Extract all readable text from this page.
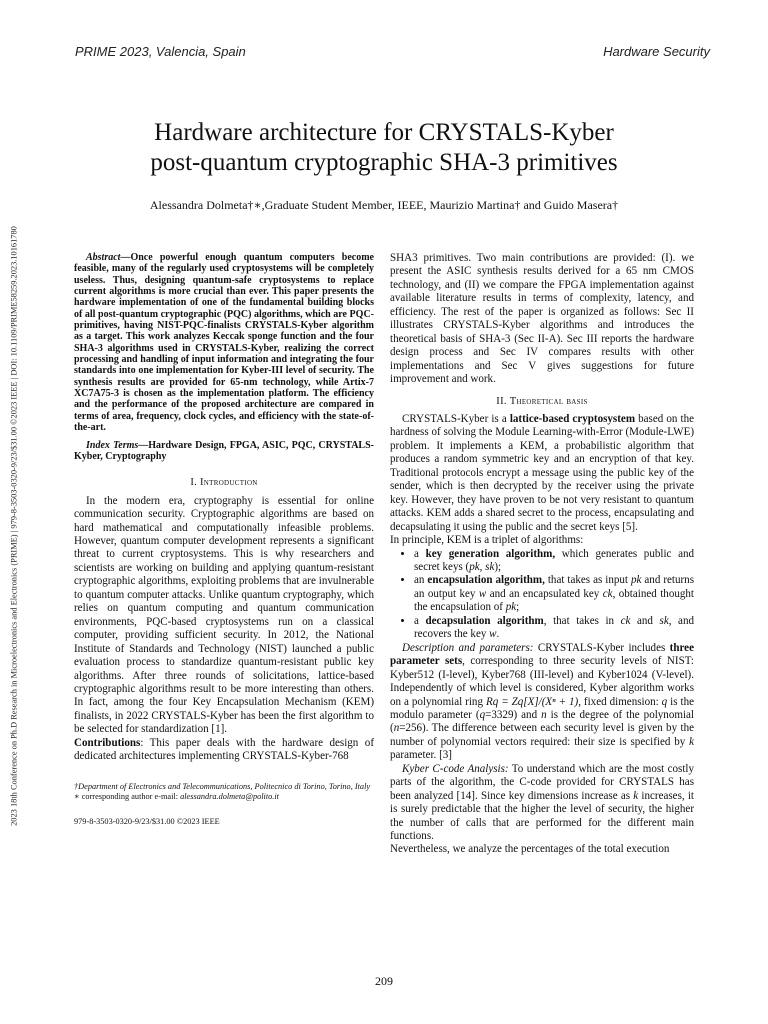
PRIME 2023, Valencia, Spain	Hardware Security
2023 18th Conference on Ph.D Research in Microelectronics and Electronics (PRIME) | 979-8-3503-0320-9/23/$31.00 ©2023 IEEE | DOI: 10.1109/PRIME58259.2023.10161780
Hardware architecture for CRYSTALS-Kyber
post-quantum cryptographic SHA-3 primitives
Alessandra Dolmeta†∗,Graduate Student Member, IEEE, Maurizio Martina† and Guido Masera†

Abstract—Once powerful enough quantum computers become feasible, many of the regularly used cryptosystems will be completely useless. Thus, designing quantum-safe cryptosystems to replace current algorithms is more crucial than ever. This paper presents the hardware implementation of one of the fundamental building blocks of all post-quantum cryptographic (PQC) algorithms, which are PQC-primitives, having NIST-PQC-finalists CRYSTALS-Kyber algorithm as a target. This work analyzes Keccak sponge function and the four SHA-3 algorithms used in CRYSTALS-Kyber, realizing the correct processing and handling of input information and integrating the four standards into one implementation for Kyber-III level of security. The synthesis results are provided for 65-nm technology, while Artix-7 XC7A75-3 is chosen as the implementation platform. The efficiency and the performance of the proposed architecture are compared in terms of area, frequency, clock cycles, and efficiency with the state-of-the-art.

Index Terms—Hardware Design, FPGA, ASIC, PQC, CRYSTALS-Kyber, Cryptography

I. Introduction

In the modern era, cryptography is essential for online communication security. Cryptographic algorithms are based on hard mathematical and computationally infeasible problems. However, quantum computer development represents a significant threat to current cryptosystems. This is why researchers and scientists are working on building and applying quantum-resistant cryptographic algorithms, exploiting problems that are invulnerable to quantum computer attacks. Unlike quantum cryptography, which relies on quantum computing and quantum communication environments, PQC-based cryptosystems run on a classical computer, providing sufficient security. In 2012, the National Institute of Standards and Technology (NIST) launched a public evaluation process to standardize quantum-resistant public key algorithms. After three rounds of solicitations, lattice-based cryptographic algorithms result to be more interesting than others. In fact, among the four Key Encapsulation Mechanism (KEM) finalists, in 2022 CRYSTALS-Kyber has been the first algorithm to be selected for standardization [1].

Contributions: This paper deals with the hardware design of dedicated architectures implementing CRYSTALS-Kyber-768

†Department of Electronics and Telecommunications, Politecnico di Torino, Torino, Italy

∗ corresponding author e-mail: alessandra.dolmeta@polito.it

979-8-3503-0320-9/23/$31.00 ©2023 IEEE

SHA3 primitives. Two main contributions are provided: (I). we present the ASIC synthesis results derived for a 65 nm CMOS technology, and (II) we compare the FPGA implementation against available literature results in terms of complexity, latency, and efficiency. The rest of the paper is organized as follows: Sec II illustrates CRYSTALS-Kyber algorithms and introduces the theoretical basis of SHA-3 (Sec II-A). Sec III reports the hardware design process and Sec IV compares results with other implementations and Sec V gives suggestions for future improvement and work.

II. Theoretical basis

CRYSTALS-Kyber is a lattice-based cryptosystem based on the hardness of solving the Module Learning-with-Error (Module-LWE) problem. It implements a KEM, a probabilistic algorithm that produces a random symmetric key and an encryption of that key. Traditional protocols encrypt a message using the public key of the sender, which is then decrypted by the receiver using the private key. However, they have proven to be not very resistant to quantum attacks. KEM adds a shared secret to the process, encapsulating and decapsulating it using the public and the secret keys [5].

In principle, KEM is a triplet of algorithms:

• a key generation algorithm, which generates public and secret keys (pk, sk);
• an encapsulation algorithm, that takes as input pk and returns an output key w and an encapsulated key ck, obtained thought the encapsulation of pk;
• a decapsulation algorithm, that takes in ck and sk, and recovers the key w.

Description and parameters: CRYSTALS-Kyber includes three parameter sets, corresponding to three security levels of NIST: Kyber512 (I-level), Kyber768 (III-level) and Kyber1024 (V-level). Independently of which level is considered, Kyber algorithm works on a polynomial ring Rq = Zq[X]/(Xⁿ + 1), fixed dimension: q is the modulo parameter (q=3329) and n is the degree of the polynomial (n=256). The difference between each security level is given by the number of polynomial vectors required: their size is specified by k parameter. [3]

Kyber C-code Analysis: To understand which are the most costly parts of the algorithm, the C-code provided for CRYSTALS has been analyzed [14]. Since key dimensions increase as k increases, it is surely predictable that the higher the level of security, the higher the number of calls that are performed for the different main functions.

Nevertheless, we analyze the percentages of the total execution

209
